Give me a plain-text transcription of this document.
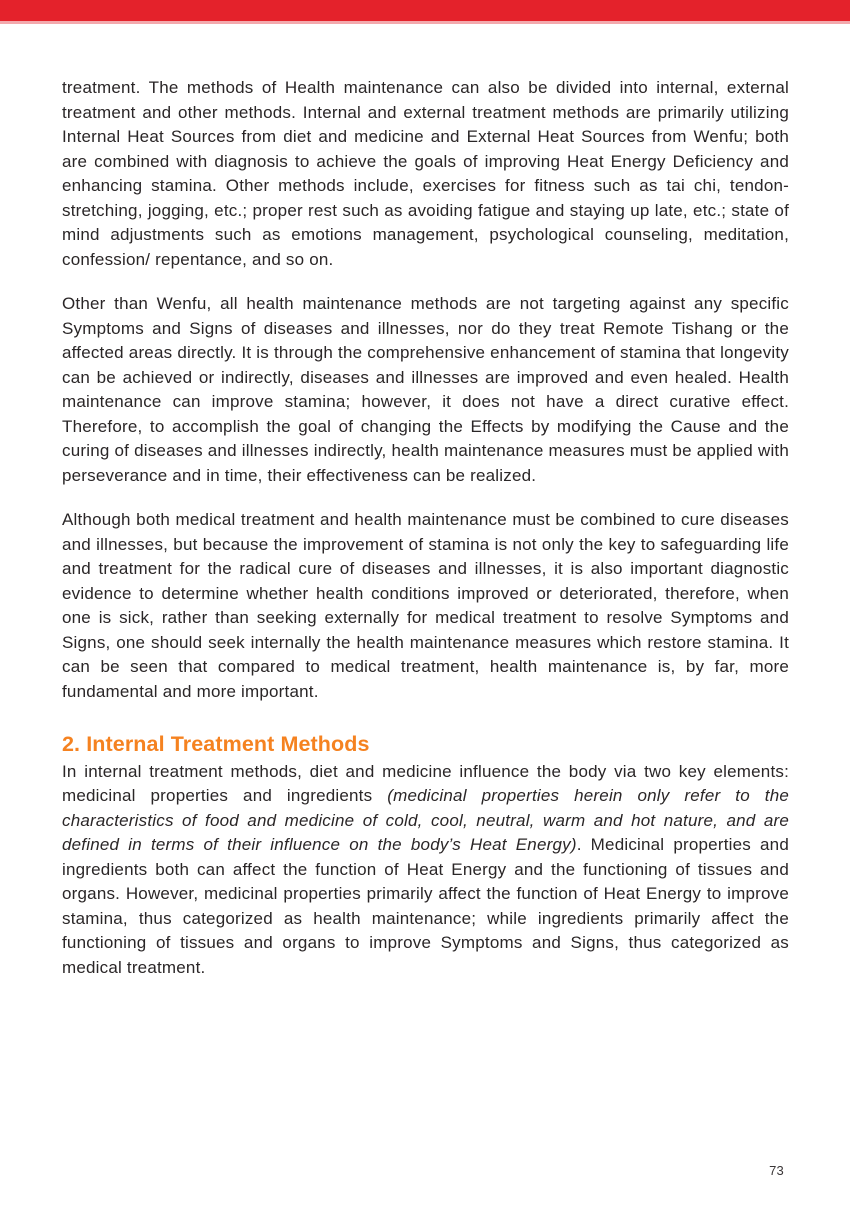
treatment. The methods of Health maintenance can also be divided into internal, external treatment and other methods. Internal and external treatment methods are primarily utilizing Internal Heat Sources from diet and medicine and External Heat Sources from Wenfu; both are combined with diagnosis to achieve the goals of improving Heat Energy Deficiency and enhancing stamina. Other methods include, exercises for fitness such as tai chi, tendon-stretching, jogging, etc.; proper rest such as avoiding fatigue and staying up late, etc.; state of mind adjustments such as emotions management, psychological counseling, meditation, confession/ repentance, and so on.

Other than Wenfu, all health maintenance methods are not targeting against any specific Symptoms and Signs of diseases and illnesses, nor do they treat Remote Tishang or the affected areas directly. It is through the comprehensive enhancement of stamina that longevity can be achieved or indirectly, diseases and illnesses are improved and even healed. Health maintenance can improve stamina; however, it does not have a direct curative effect. Therefore, to accomplish the goal of changing the Effects by modifying the Cause and the curing of diseases and illnesses indirectly, health maintenance measures must be applied with perseverance and in time, their effectiveness can be realized.

Although both medical treatment and health maintenance must be combined to cure diseases and illnesses, but because the improvement of stamina is not only the key to safeguarding life and treatment for the radical cure of diseases and illnesses, it is also important diagnostic evidence to determine whether health conditions improved or deteriorated, therefore, when one is sick, rather than seeking externally for medical treatment to resolve Symptoms and Signs, one should seek internally the health maintenance measures which restore stamina. It can be seen that compared to medical treatment, health maintenance is, by far, more fundamental and more important.

2. Internal Treatment Methods

In internal treatment methods, diet and medicine influence the body via two key elements: medicinal properties and ingredients (medicinal properties herein only refer to the characteristics of food and medicine of cold, cool, neutral, warm and hot nature, and are defined in terms of their influence on the body’s Heat Energy). Medicinal properties and ingredients both can affect the function of Heat Energy and the functioning of tissues and organs. However, medicinal properties primarily affect the function of Heat Energy to improve stamina, thus categorized as health maintenance; while ingredients primarily affect the functioning of tissues and organs to improve Symptoms and Signs, thus categorized as medical treatment.

73
